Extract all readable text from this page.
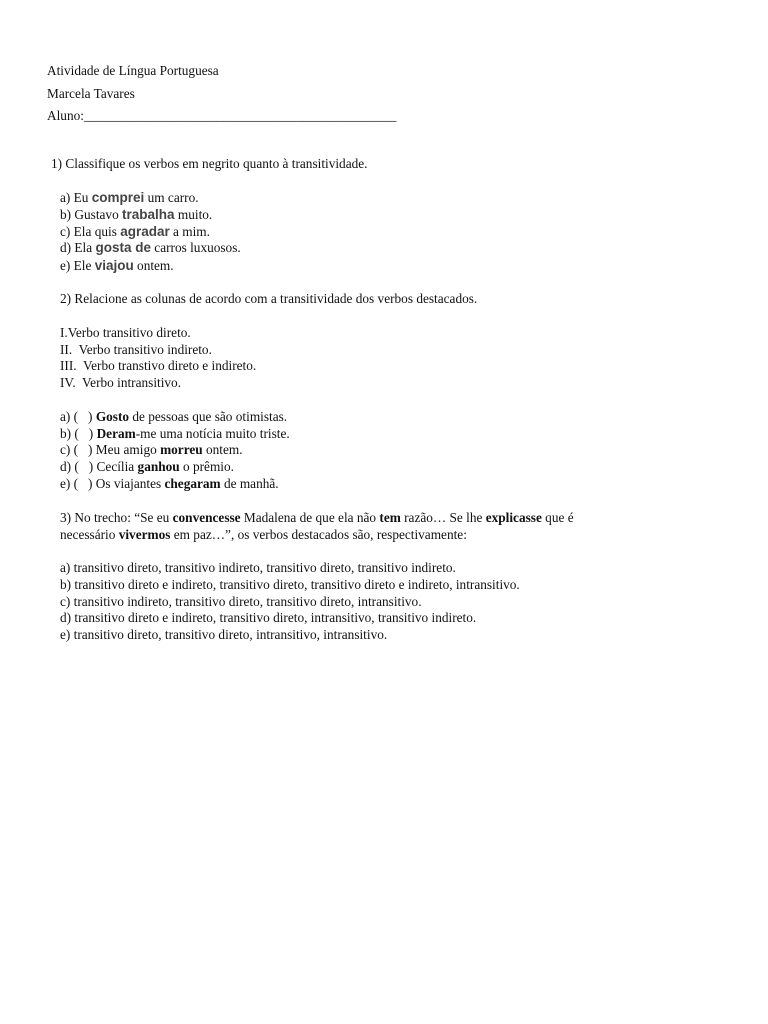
Atividade de Língua Portuguesa
Marcela Tavares
Aluno:_______________________________________________
1) Classifique os verbos em negrito quanto à transitividade.
a) Eu comprei um carro.
b) Gustavo trabalha muito.
c) Ela quis agradar a mim.
d) Ela gosta de carros luxuosos.
e) Ele viajou ontem.
2) Relacione as colunas de acordo com a transitividade dos verbos destacados.
I.Verbo transitivo direto.
II.  Verbo transitivo indireto.
III.  Verbo transtivo direto e indireto.
IV.  Verbo intransitivo.
a) (   ) Gosto de pessoas que são otimistas.
b) (   ) Deram-me uma notícia muito triste.
c) (   ) Meu amigo morreu ontem.
d) (   ) Cecília ganhou o prêmio.
e) (   ) Os viajantes chegaram de manhã.
3) No trecho: “Se eu convencesse Madalena de que ela não tem razão… Se lhe explicasse que é
necessário vivermos em paz…”, os verbos destacados são, respectivamente:
a) transitivo direto, transitivo indireto, transitivo direto, transitivo indireto.
b) transitivo direto e indireto, transitivo direto, transitivo direto e indireto, intransitivo.
c) transitivo indireto, transitivo direto, transitivo direto, intransitivo.
d) transitivo direto e indireto, transitivo direto, intransitivo, transitivo indireto.
e) transitivo direto, transitivo direto, intransitivo, intransitivo.
